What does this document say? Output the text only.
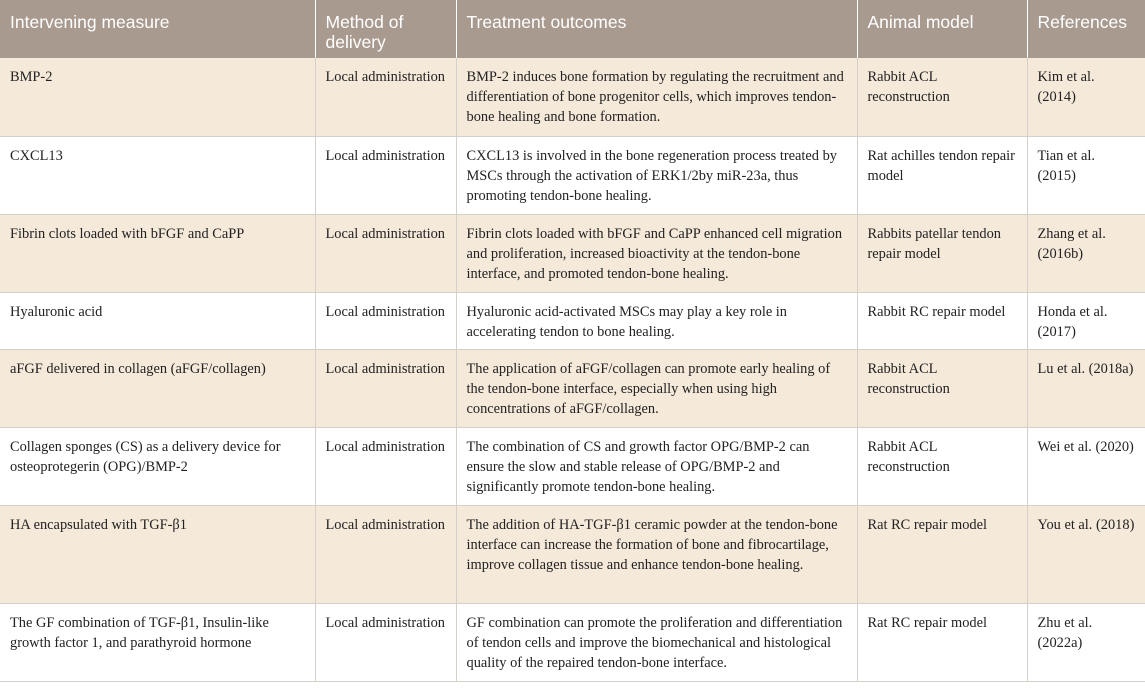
Intervening measure	Method of delivery	Treatment outcomes	Animal model	References
BMP-2	Local administration	BMP-2 induces bone formation by regulating the recruitment and differentiation of bone progenitor cells, which improves tendon-bone healing and bone formation.	Rabbit ACL reconstruction	Kim et al. (2014)
CXCL13	Local administration	CXCL13 is involved in the bone regeneration process treated by MSCs through the activation of ERK1/2by miR-23a, thus promoting tendon-bone healing.	Rat achilles tendon repair model	Tian et al. (2015)
Fibrin clots loaded with bFGF and CaPP	Local administration	Fibrin clots loaded with bFGF and CaPP enhanced cell migration and proliferation, increased bioactivity at the tendon-bone interface, and promoted tendon-bone healing.	Rabbits patellar tendon repair model	Zhang et al. (2016b)
Hyaluronic acid	Local administration	Hyaluronic acid-activated MSCs may play a key role in accelerating tendon to bone healing.	Rabbit RC repair model	Honda et al. (2017)
aFGF delivered in collagen (aFGF/collagen)	Local administration	The application of aFGF/collagen can promote early healing of the tendon-bone interface, especially when using high concentrations of aFGF/collagen.	Rabbit ACL reconstruction	Lu et al. (2018a)
Collagen sponges (CS) as a delivery device for osteoprotegerin (OPG)/BMP-2	Local administration	The combination of CS and growth factor OPG/BMP-2 can ensure the slow and stable release of OPG/BMP-2 and significantly promote tendon-bone healing.	Rabbit ACL reconstruction	Wei et al. (2020)
HA encapsulated with TGF-β1	Local administration	The addition of HA-TGF-β1 ceramic powder at the tendon-bone interface can increase the formation of bone and fibrocartilage, improve collagen tissue and enhance tendon-bone healing.	Rat RC repair model	You et al. (2018)
The GF combination of TGF-β1, Insulin-like growth factor 1, and parathyroid hormone	Local administration	GF combination can promote the proliferation and differentiation of tendon cells and improve the biomechanical and histological quality of the repaired tendon-bone interface.	Rat RC repair model	Zhu et al. (2022a)
